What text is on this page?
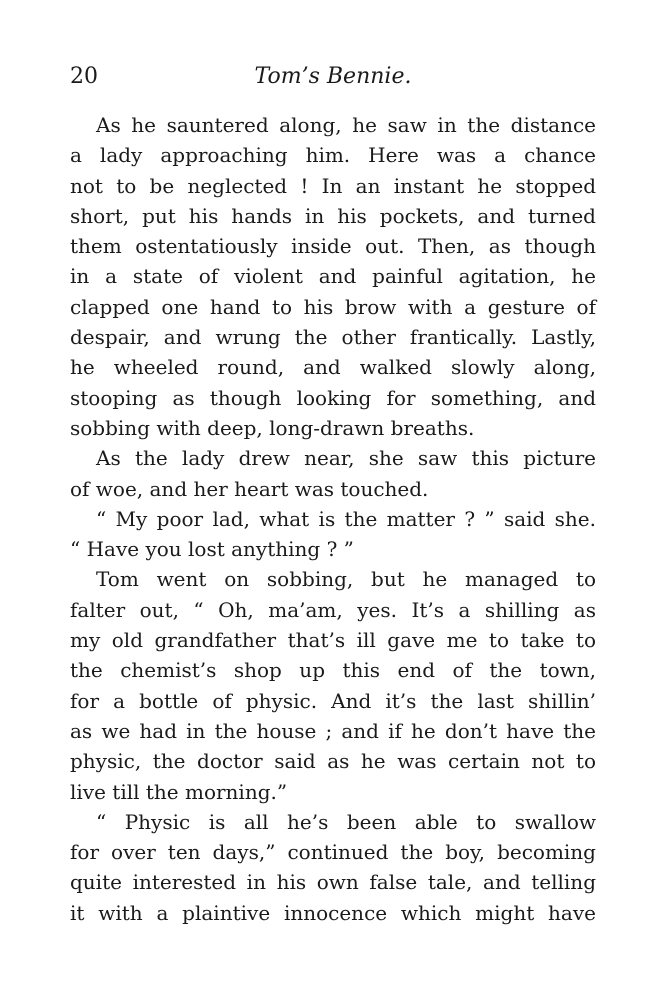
20	Tom’s Bennie.
As he sauntered along, he saw in the distance
a lady approaching him. Here was a chance
not to be neglected ! In an instant he stopped
short, put his hands in his pockets, and turned
them ostentatiously inside out. Then, as though
in a state of violent and painful agitation, he
clapped one hand to his brow with a gesture of
despair, and wrung the other frantically. Lastly,
he wheeled round, and walked slowly along,
stooping as though looking for something, and
sobbing with deep, long-drawn breaths.
As the lady drew near, she saw this picture
of woe, and her heart was touched.
“ My poor lad, what is the matter ? ” said she.
“ Have you lost anything ? ”
Tom went on sobbing, but he managed to
falter out, “ Oh, ma’am, yes. It’s a shilling as
my old grandfather that’s ill gave me to take to
the chemist’s shop up this end of the town,
for a bottle of physic. And it’s the last shillin’
as we had in the house ; and if he don’t have the
physic, the doctor said as he was certain not to
live till the morning.”
“ Physic is all he’s been able to swallow
for over ten days,” continued the boy, becoming
quite interested in his own false tale, and telling
it with a plaintive innocence which might have
